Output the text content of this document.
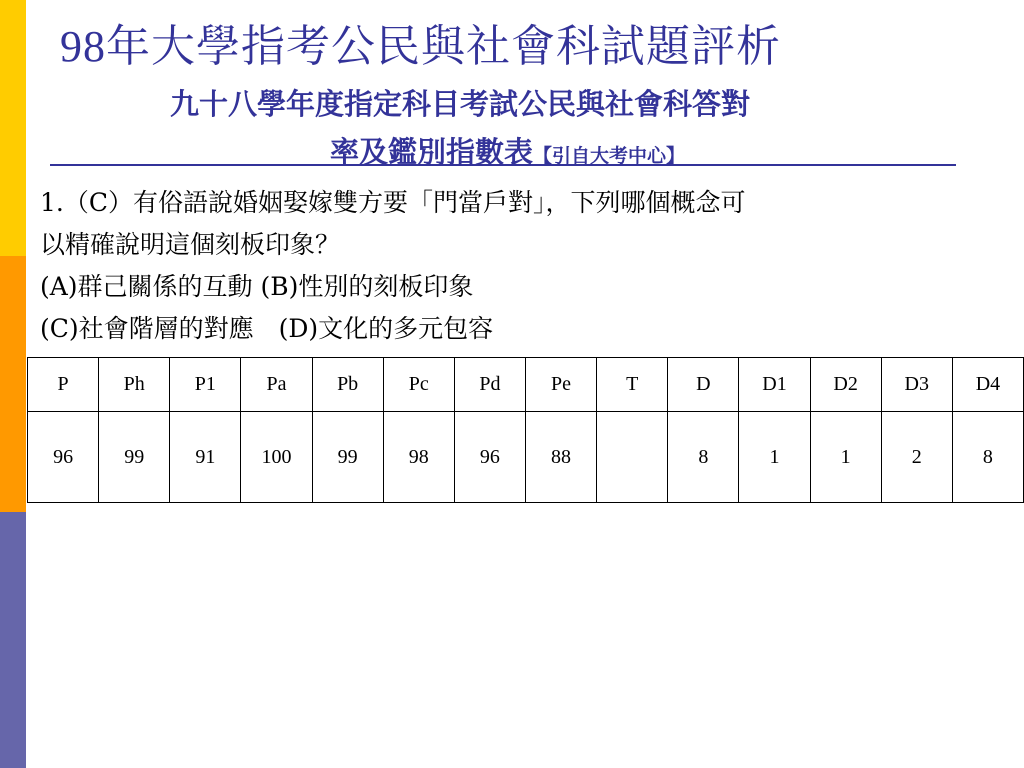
98年大學指考公民與社會科試題評析
九十八學年度指定科目考試公民與社會科答對
率及鑑別指數表【引自大考中心】

1.（C）有俗語說婚姻娶嫁雙方要「門當戶對」，下列哪個概念可

以精確說明這個刻板印象？

(A)群己關係的互動 (B)性別的刻板印象

(C)社會階層的對應　(D)文化的多元包容

P	Ph	P1	Pa	Pb	Pc	Pd	Pe	T	D	D1	D2	D3	D4
96	99	91	100	99	98	96	88		8	1	1	2	8
